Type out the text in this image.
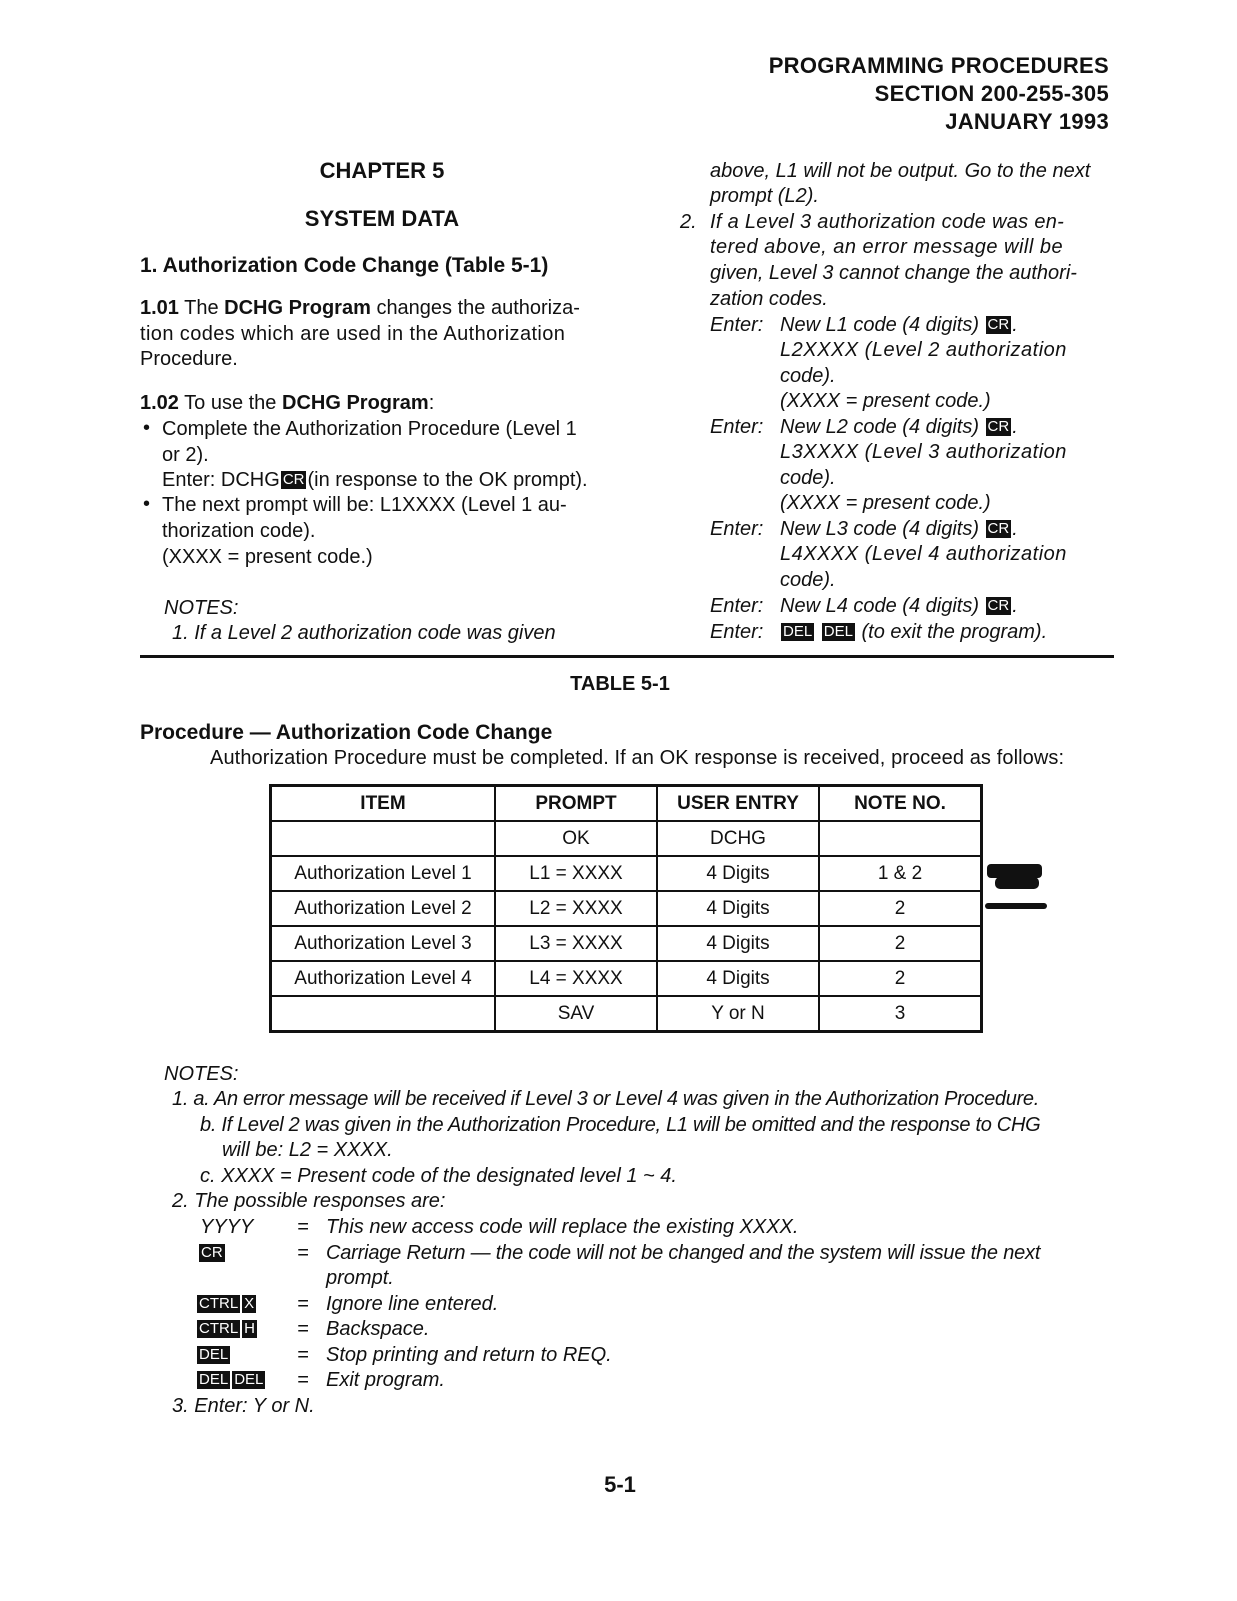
PROGRAMMING PROCEDURES
SECTION 200-255-305
JANUARY 1993
CHAPTER 5
SYSTEM DATA
1. Authorization Code Change (Table 5-1)
1.01 The DCHG Program changes the authoriza-
tion codes which are used in the Authorization
Procedure.
1.02 To use the DCHG Program:
• Complete the Authorization Procedure (Level 1
or 2).
Enter: DCHG CR (in response to the OK prompt).
• The next prompt will be: L1XXXX (Level 1 au-
thorization code).
(XXXX = present code.)
NOTES:
1. If a Level 2 authorization code was given
above, L1 will not be output. Go to the next
prompt (L2).
2. If a Level 3 authorization code was en-
tered above, an error message will be
given, Level 3 cannot change the authori-
zation codes.
Enter: New L1 code (4 digits) CR .
L2XXXX (Level 2 authorization
code).
(XXXX = present code.)
Enter: New L2 code (4 digits) CR .
L3XXXX (Level 3 authorization
code).
(XXXX = present code.)
Enter: New L3 code (4 digits) CR .
L4XXXX (Level 4 authorization
code).
Enter: New L4 code (4 digits) CR .
Enter: DEL DEL (to exit the program).
TABLE 5-1
Procedure — Authorization Code Change
Authorization Procedure must be completed. If an OK response is received, proceed as follows:
ITEM	PROMPT	USER ENTRY	NOTE NO.
	OK	DCHG	
Authorization Level 1	L1 = XXXX	4 Digits	1 & 2
Authorization Level 2	L2 = XXXX	4 Digits	2
Authorization Level 3	L3 = XXXX	4 Digits	2
Authorization Level 4	L4 = XXXX	4 Digits	2
	SAV	Y or N	3
NOTES:
1. a. An error message will be received if Level 3 or Level 4 was given in the Authorization Procedure.
b. If Level 2 was given in the Authorization Procedure, L1 will be omitted and the response to CHG
will be: L2 = XXXX.
c. XXXX = Present code of the designated level 1 ~ 4.
2. The possible responses are:
YYYY = This new access code will replace the existing XXXX.
CR	= Carriage Return — the code will not be changed and the system will issue the next
prompt.
CTRL X = Ignore line entered.
CTRL H = Backspace.
DEL	= Stop printing and return to REQ.
DEL DEL = Exit program.
3. Enter: Y or N.
5-1
